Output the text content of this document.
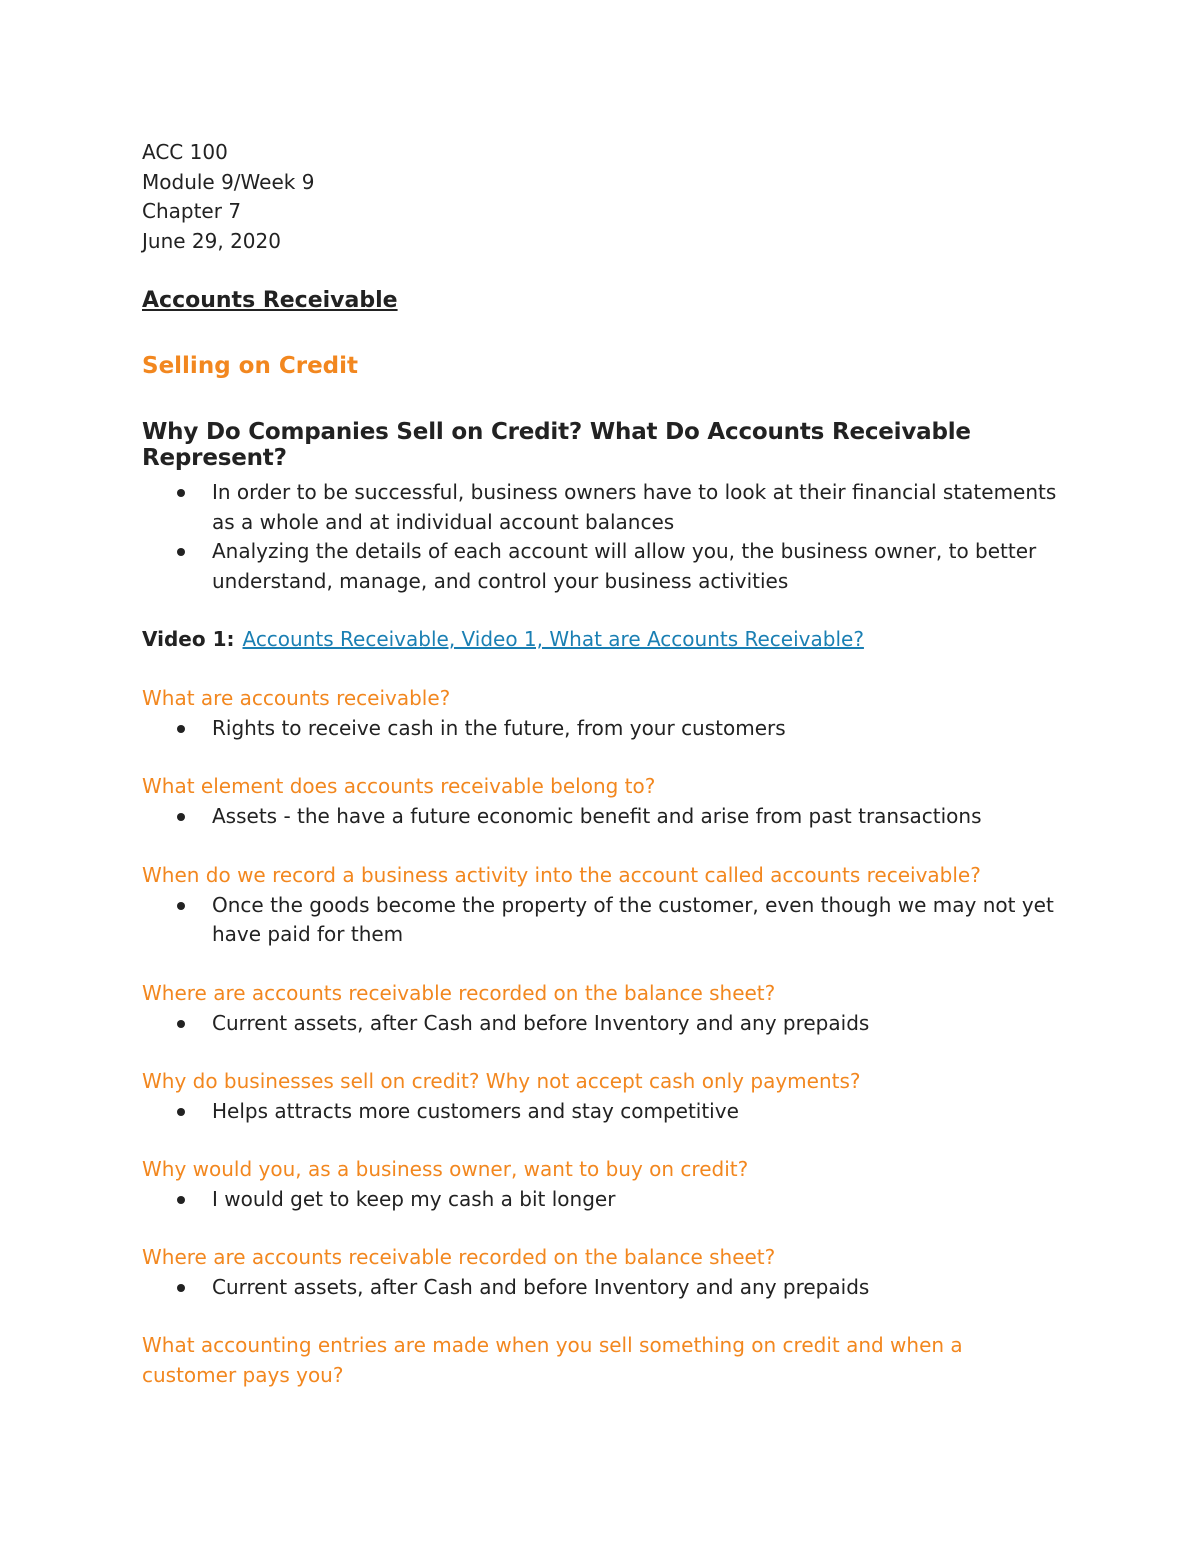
ACC 100

Module 9/Week 9

Chapter 7

June 29, 2020

Accounts Receivable
Selling on Credit
Why Do Companies Sell on Credit? What Do Accounts Receivable Represent?
In order to be successful, business owners have to look at their financial statements as a whole and at individual account balances
Analyzing the details of each account will allow you, the business owner, to better understand, manage, and control your business activities

Video 1: Accounts Receivable, Video 1, What are Accounts Receivable?

What are accounts receivable?

Rights to receive cash in the future, from your customers

What element does accounts receivable belong to?

Assets - the have a future economic benefit and arise from past transactions

When do we record a business activity into the account called accounts receivable?

Once the goods become the property of the customer, even though we may not yet have paid for them

Where are accounts receivable recorded on the balance sheet?

Current assets, after Cash and before Inventory and any prepaids

Why do businesses sell on credit? Why not accept cash only payments?

Helps attracts more customers and stay competitive

Why would you, as a business owner, want to buy on credit?

I would get to keep my cash a bit longer

Where are accounts receivable recorded on the balance sheet?

Current assets, after Cash and before Inventory and any prepaids

What accounting entries are made when you sell something on credit and when a customer pays you?
